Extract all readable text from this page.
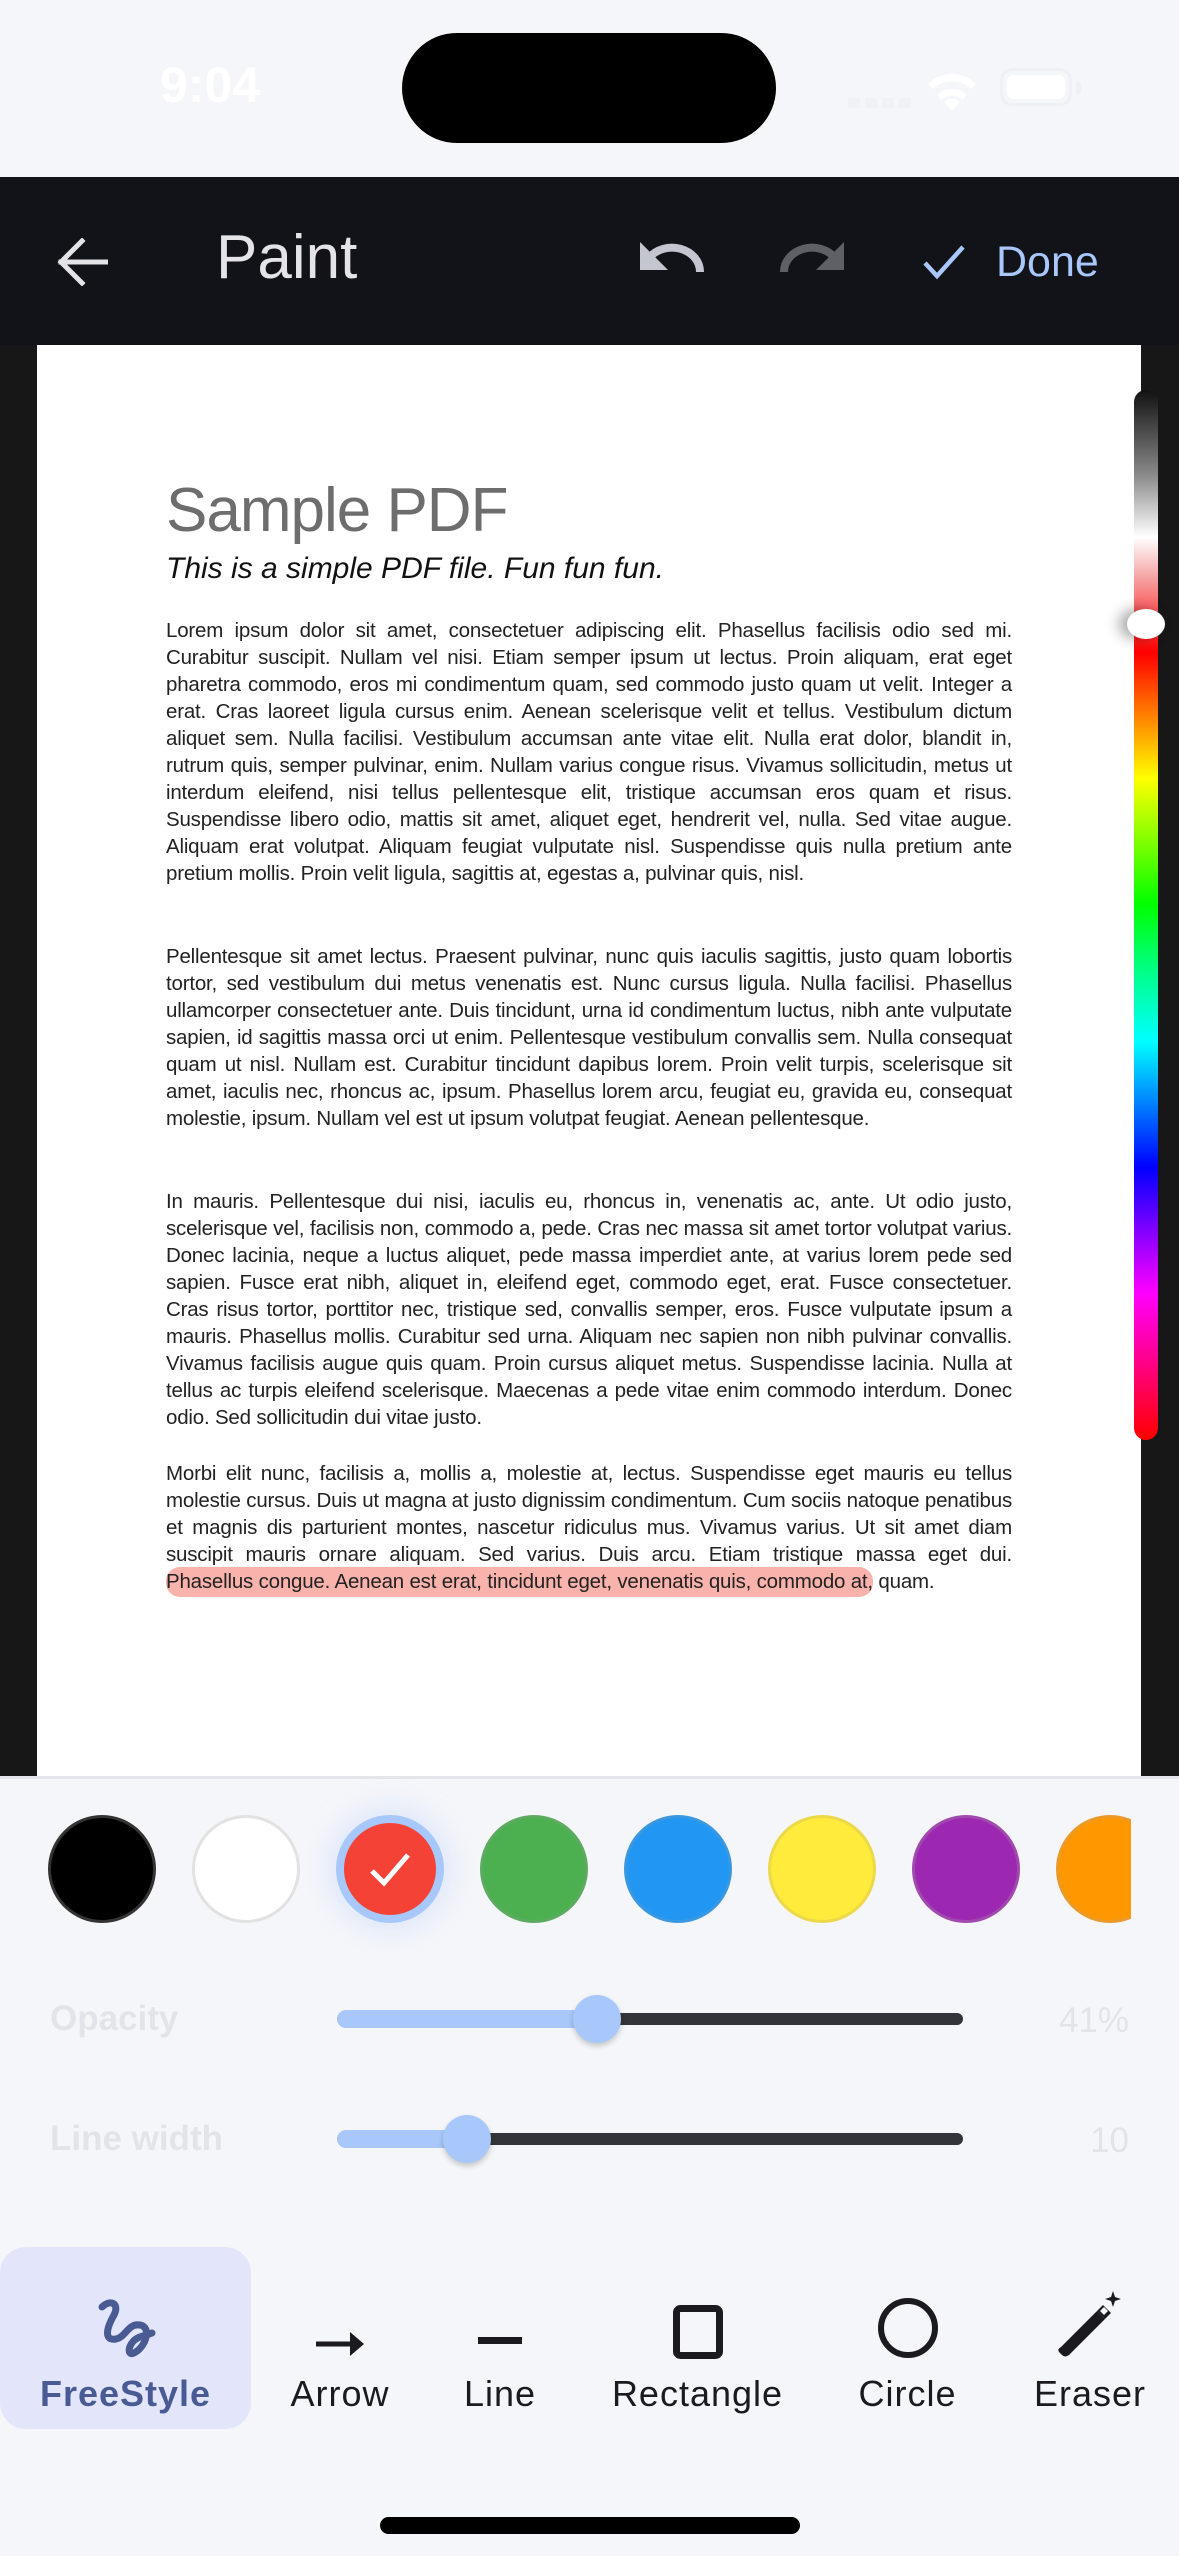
9:04
Paint	Done
Sample PDF
This is a simple PDF file. Fun fun fun.

Lorem ipsum dolor sit amet, consectetuer adipiscing elit. Phasellus facilisis odio sed mi. Curabitur suscipit. Nullam vel nisi. Etiam semper ipsum ut lectus. Proin aliquam, erat eget pharetra commodo, eros mi condimentum quam, sed commodo justo quam ut velit. Integer a erat. Cras laoreet ligula cursus enim. Aenean scelerisque velit et tellus. Vestibulum dictum aliquet sem. Nulla facilisi. Vestibulum accumsan ante vitae elit. Nulla erat dolor, blandit in, rutrum quis, semper pulvinar, enim. Nullam varius congue risus. Vivamus sollicitudin, metus ut interdum eleifend, nisi tellus pellentesque elit, tristique accumsan eros quam et risus. Suspendisse libero odio, mattis sit amet, aliquet eget, hendrerit vel, nulla. Sed vitae augue. Aliquam erat volutpat. Aliquam feugiat vulputate nisl. Suspendisse quis nulla pretium ante pretium mollis. Proin velit ligula, sagittis at, egestas a, pulvinar quis, nisl.

Pellentesque sit amet lectus. Praesent pulvinar, nunc quis iaculis sagittis, justo quam lobortis tortor, sed vestibulum dui metus venenatis est. Nunc cursus ligula. Nulla facilisi. Phasellus ullamcorper consectetuer ante. Duis tincidunt, urna id condimentum luctus, nibh ante vulputate sapien, id sagittis massa orci ut enim. Pellentesque vestibulum convallis sem. Nulla consequat quam ut nisl. Nullam est. Curabitur tincidunt dapibus lorem. Proin velit turpis, scelerisque sit amet, iaculis nec, rhoncus ac, ipsum. Phasellus lorem arcu, feugiat eu, gravida eu, consequat molestie, ipsum. Nullam vel est ut ipsum volutpat feugiat. Aenean pellentesque.

In mauris. Pellentesque dui nisi, iaculis eu, rhoncus in, venenatis ac, ante. Ut odio justo, scelerisque vel, facilisis non, commodo a, pede. Cras nec massa sit amet tortor volutpat varius. Donec lacinia, neque a luctus aliquet, pede massa imperdiet ante, at varius lorem pede sed sapien. Fusce erat nibh, aliquet in, eleifend eget, commodo eget, erat. Fusce consectetuer. Cras risus tortor, porttitor nec, tristique sed, convallis semper, eros. Fusce vulputate ipsum a mauris. Phasellus mollis. Curabitur sed urna. Aliquam nec sapien non nibh pulvinar convallis. Vivamus facilisis augue quis quam. Proin cursus aliquet metus. Suspendisse lacinia. Nulla at tellus ac turpis eleifend scelerisque. Maecenas a pede vitae enim commodo interdum. Donec odio. Sed sollicitudin dui vitae justo.

Morbi elit nunc, facilisis a, mollis a, molestie at, lectus. Suspendisse eget mauris eu tellus molestie cursus. Duis ut magna at justo dignissim condimentum. Cum sociis natoque penatibus et magnis dis parturient montes, nascetur ridiculus mus. Vivamus varius. Ut sit amet diam suscipit mauris ornare aliquam. Sed varius. Duis arcu. Etiam tristique massa eget dui. Phasellus congue. Aenean est erat, tincidunt eget, venenatis quis, commodo at, quam.

Opacity	41%
Line width	10
FreeStyle Arrow Line Rectangle Circle Eraser
